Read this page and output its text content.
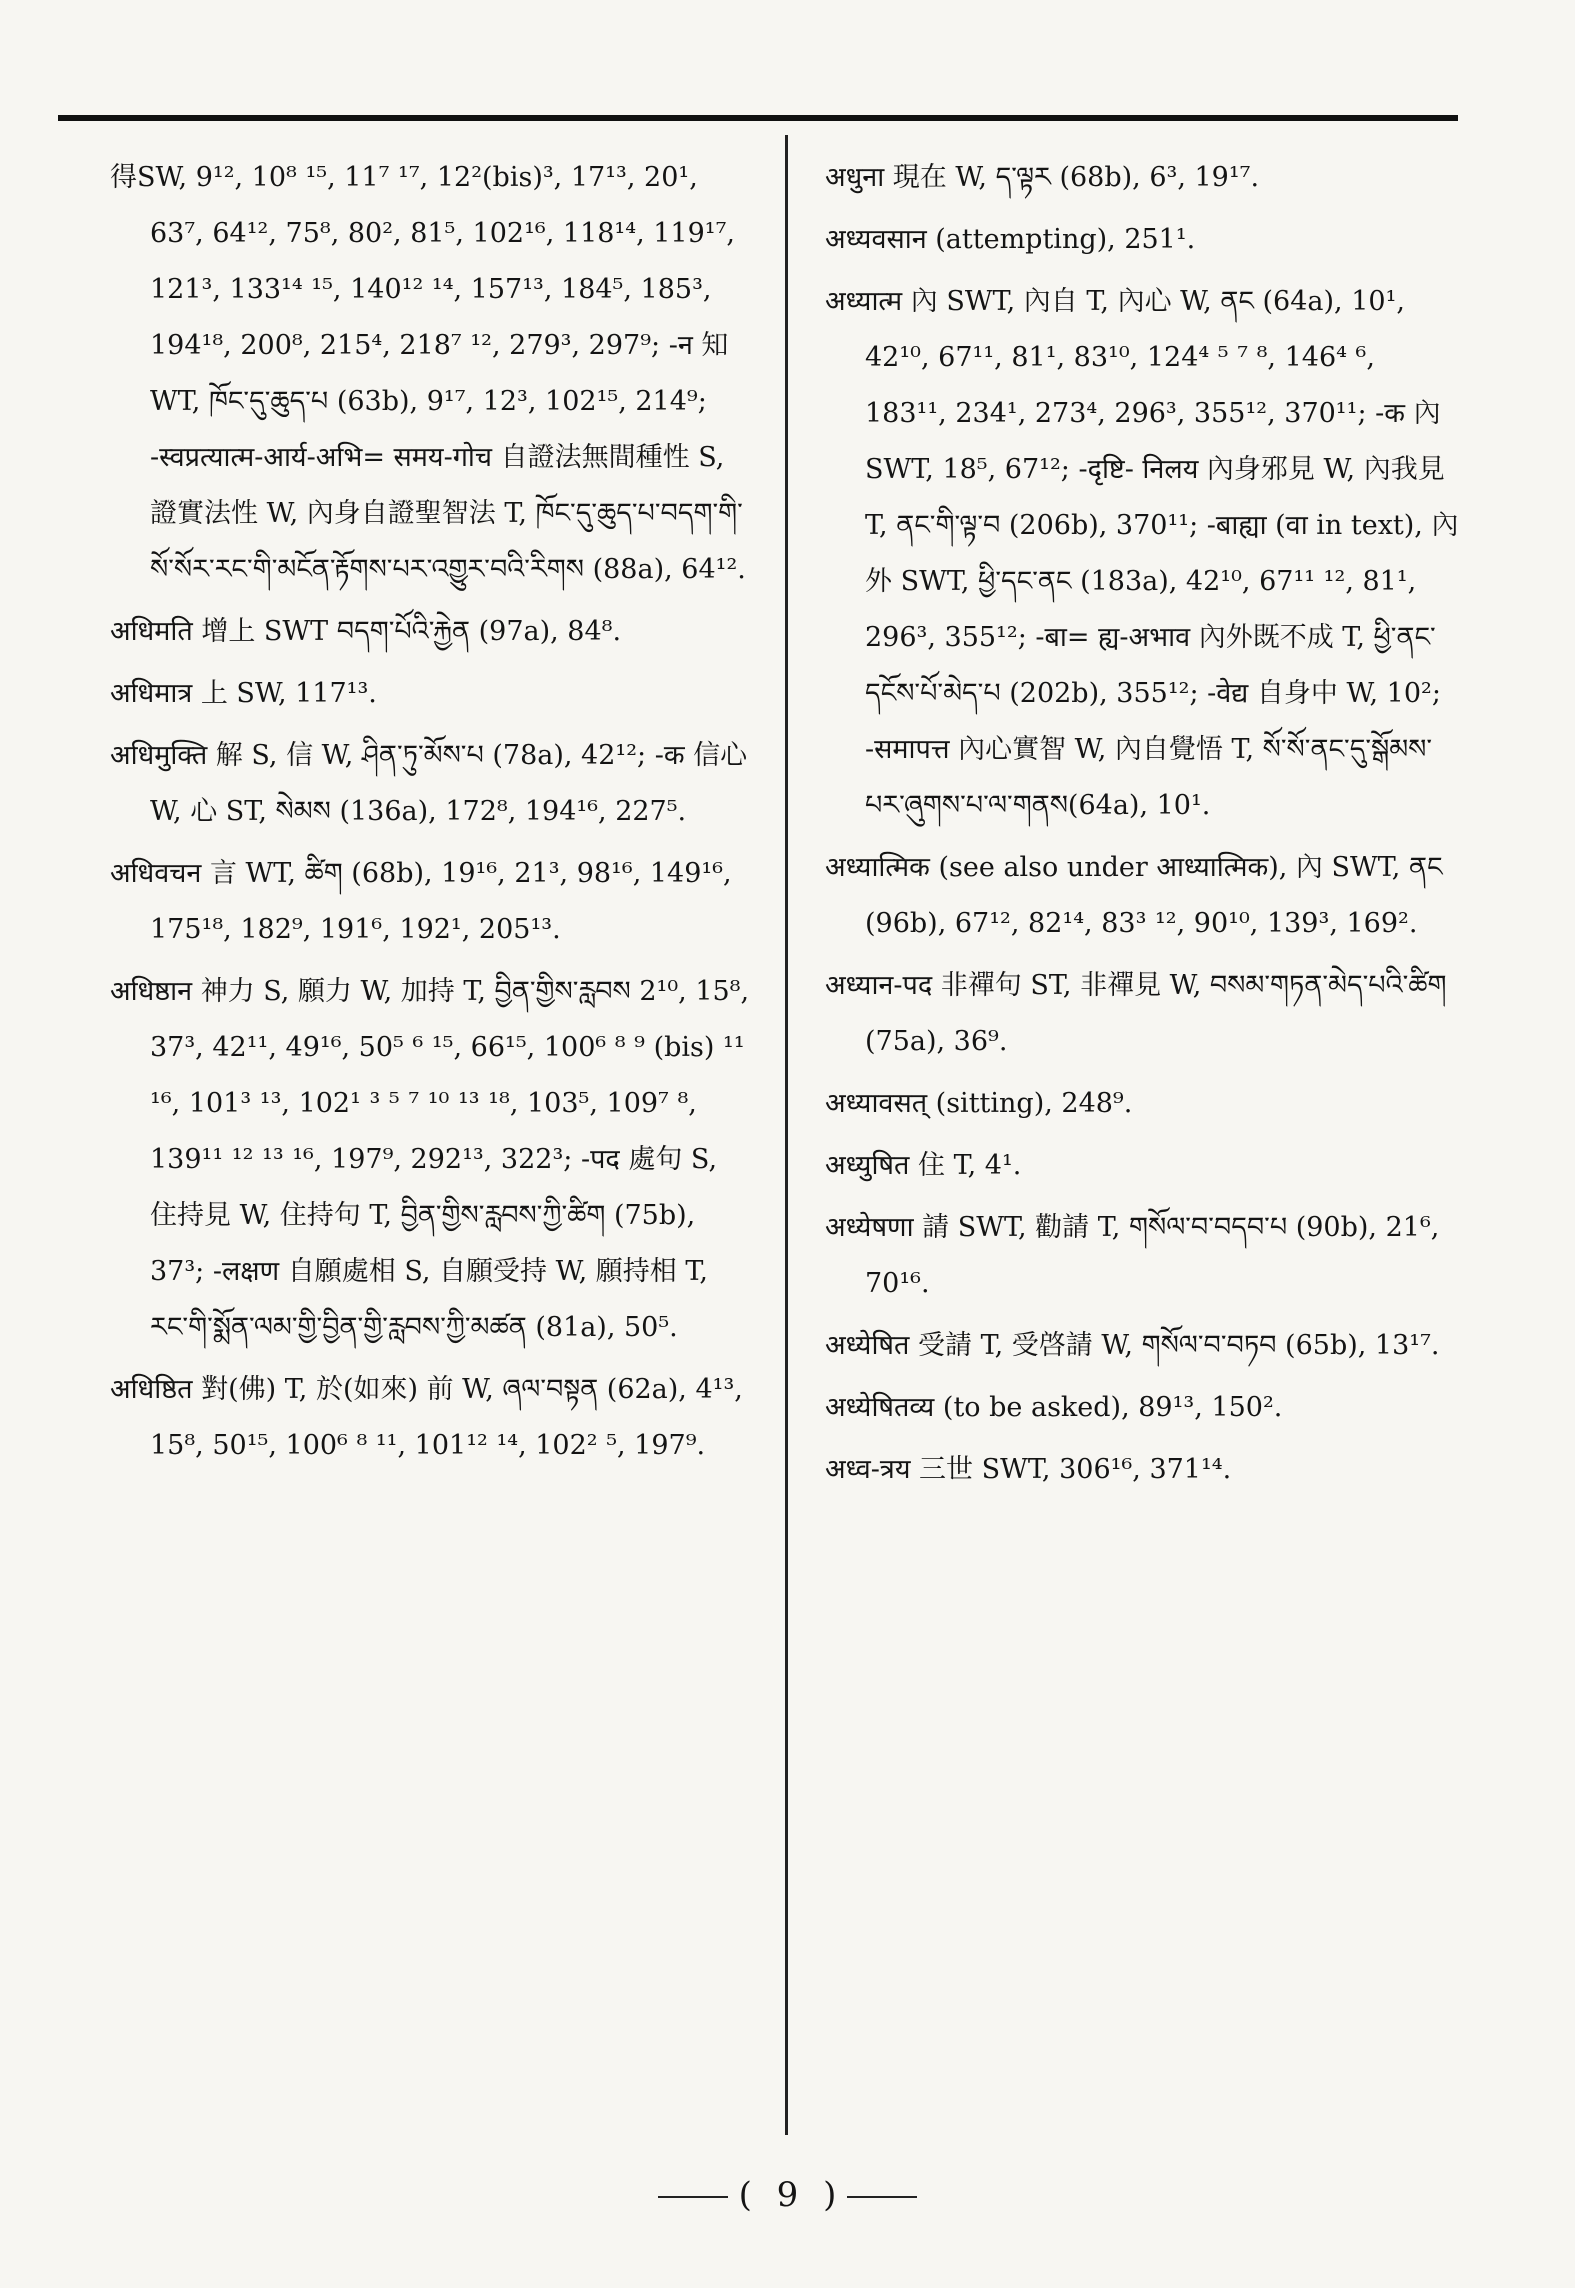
得SW, 9¹², 10⁸ ¹⁵, 11⁷ ¹⁷, 12²(bis)³, 17¹³, 20¹, 63⁷, 64¹², 75⁸, 80², 81⁵, 102¹⁶, 118¹⁴, 119¹⁷, 121³, 133¹⁴ ¹⁵, 140¹² ¹⁴, 157¹³, 184⁵, 185³, 194¹⁸, 200⁸, 215⁴, 218⁷ ¹², 279³, 297⁹; -न 知WT, ཁོང་དུ་ཆུད་པ (63b), 9¹⁷, 12³, 102¹⁵, 214⁹; -स्वप्रत्यात्म-आर्य-अभि= समय-गोच 自證法無間種性 S, 證實法性 W, 內身自證聖智法 T, ཁོང་དུ་ཆུད་པ་བདག་གི་སོ་སོར་རང་གི་མངོན་རྟོགས་པར་འགྱུར་བའི་རིགས (88a), 64¹².
अधिमति 增上 SWT བདག་པོའི་རྐྱེན (97a), 84⁸.
अधिमात्र 上 SW, 117¹³.
अधिमुक्ति 解 S, 信 W, ཤིན་ཏུ་མོས་པ (78a), 42¹²; -क 信心 W, 心 ST, སེམས (136a), 172⁸, 194¹⁶, 227⁵.
अधिवचन 言 WT, ཚིག (68b), 19¹⁶, 21³, 98¹⁶, 149¹⁶, 175¹⁸, 182⁹, 191⁶, 192¹, 205¹³.
अधिष्ठान 神力 S, 願力 W, 加持 T, བྱིན་གྱིས་རླབས 2¹⁰, 15⁸, 37³, 42¹¹, 49¹⁶, 50⁵ ⁶ ¹⁵, 66¹⁵, 100⁶ ⁸ ⁹ (bis) ¹¹ ¹⁶, 101³ ¹³, 102¹ ³ ⁵ ⁷ ¹⁰ ¹³ ¹⁸, 103⁵, 109⁷ ⁸, 139¹¹ ¹² ¹³ ¹⁶, 197⁹, 292¹³, 322³; -पद 處句 S, 住持見 W, 住持句 T, བྱིན་གྱིས་རླབས་ཀྱི་ཚིག (75b), 37³; -लक्षण 自願處相 S, 自願受持 W, 願持相 T, རང་གི་སྨོན་ལམ་གྱི་བྱིན་གྱི་རླབས་ཀྱི་མཚན (81a), 50⁵.
अधिष्ठित 對(佛) T, 於(如來) 前 W, ཞལ་བསྟན (62a), 4¹³, 15⁸, 50¹⁵, 100⁶ ⁸ ¹¹, 101¹² ¹⁴, 102² ⁵, 197⁹.
अधुना 現在 W, ད་ལྟར (68b), 6³, 19¹⁷.
अध्यवसान (attempting), 251¹.
अध्यात्म 內 SWT, 內自 T, 內心 W, ནང (64a), 10¹, 42¹⁰, 67¹¹, 81¹, 83¹⁰, 124⁴ ⁵ ⁷ ⁸, 146⁴ ⁶, 183¹¹, 234¹, 273⁴, 296³, 355¹², 370¹¹; -क 內 SWT, 18⁵, 67¹²; -दृष्टि- निलय 內身邪見 W, 內我見 T, ནང་གི་ལྟ་བ (206b), 370¹¹; -बाह्या (वा in text), 內外 SWT, ཕྱི་དང་ནང (183a), 42¹⁰, 67¹¹ ¹², 81¹, 296³, 355¹²; -बा= ह्य-अभाव 內外既不成 T, ཕྱི་ནང་དངོས་པོ་མེད་པ (202b), 355¹²; -वेद्य 自身中 W, 10²; -समापत्त 內心實智 W, 內自覺悟 T, སོ་སོ་ནང་དུ་སྒོམས་པར་ཞུགས་པ་ལ་གནས(64a), 10¹.
अध्यात्मिक (see also under आध्यात्मिक), 內 SWT, ནང (96b), 67¹², 82¹⁴, 83³ ¹², 90¹⁰, 139³, 169².
अध्यान-पद 非禪句 ST, 非禪見 W, བསམ་གཏན་མེད་པའི་ཚིག (75a), 36⁹.
अध्यावसत् (sitting), 248⁹.
अध्युषित 住 T, 4¹.
अध्येषणा 請 SWT, 勸請 T, གསོལ་བ་བདབ་པ (90b), 21⁶, 70¹⁶.
अध्येषित 受請 T, 受啓請 W, གསོལ་བ་བཏབ (65b), 13¹⁷.
अध्येषितव्य (to be asked), 89¹³, 150².
अध्व-त्रय 三世 SWT, 306¹⁶, 371¹⁴.
( 9 )
